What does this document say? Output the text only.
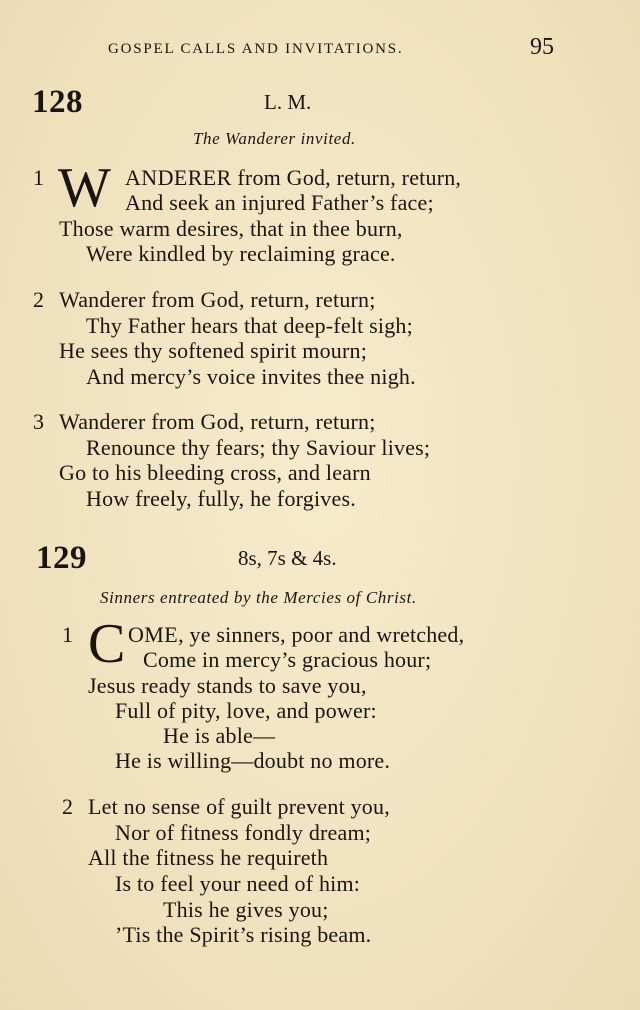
GOSPEL CALLS AND INVITATIONS.	95
128	L. M.
The Wanderer invited.
1 W ANDERER from God, return, return,
And seek an injured Father’s face;
Those warm desires, that in thee burn,
Were kindled by reclaiming grace.
2 Wanderer from God, return, return;
Thy Father hears that deep-felt sigh;
He sees thy softened spirit mourn;
And mercy’s voice invites thee nigh.
3 Wanderer from God, return, return;
Renounce thy fears; thy Saviour lives;
Go to his bleeding cross, and learn
How freely, fully, he forgives.
129	8s, 7s & 4s.
Sinners entreated by the Mercies of Christ.
1 C OME, ye sinners, poor and wretched,
Come in mercy’s gracious hour;
Jesus ready stands to save you,
Full of pity, love, and power:
He is able—
He is willing—doubt no more.
2 Let no sense of guilt prevent you,
Nor of fitness fondly dream;
All the fitness he requireth
Is to feel your need of him:
This he gives you;
’Tis the Spirit’s rising beam.
